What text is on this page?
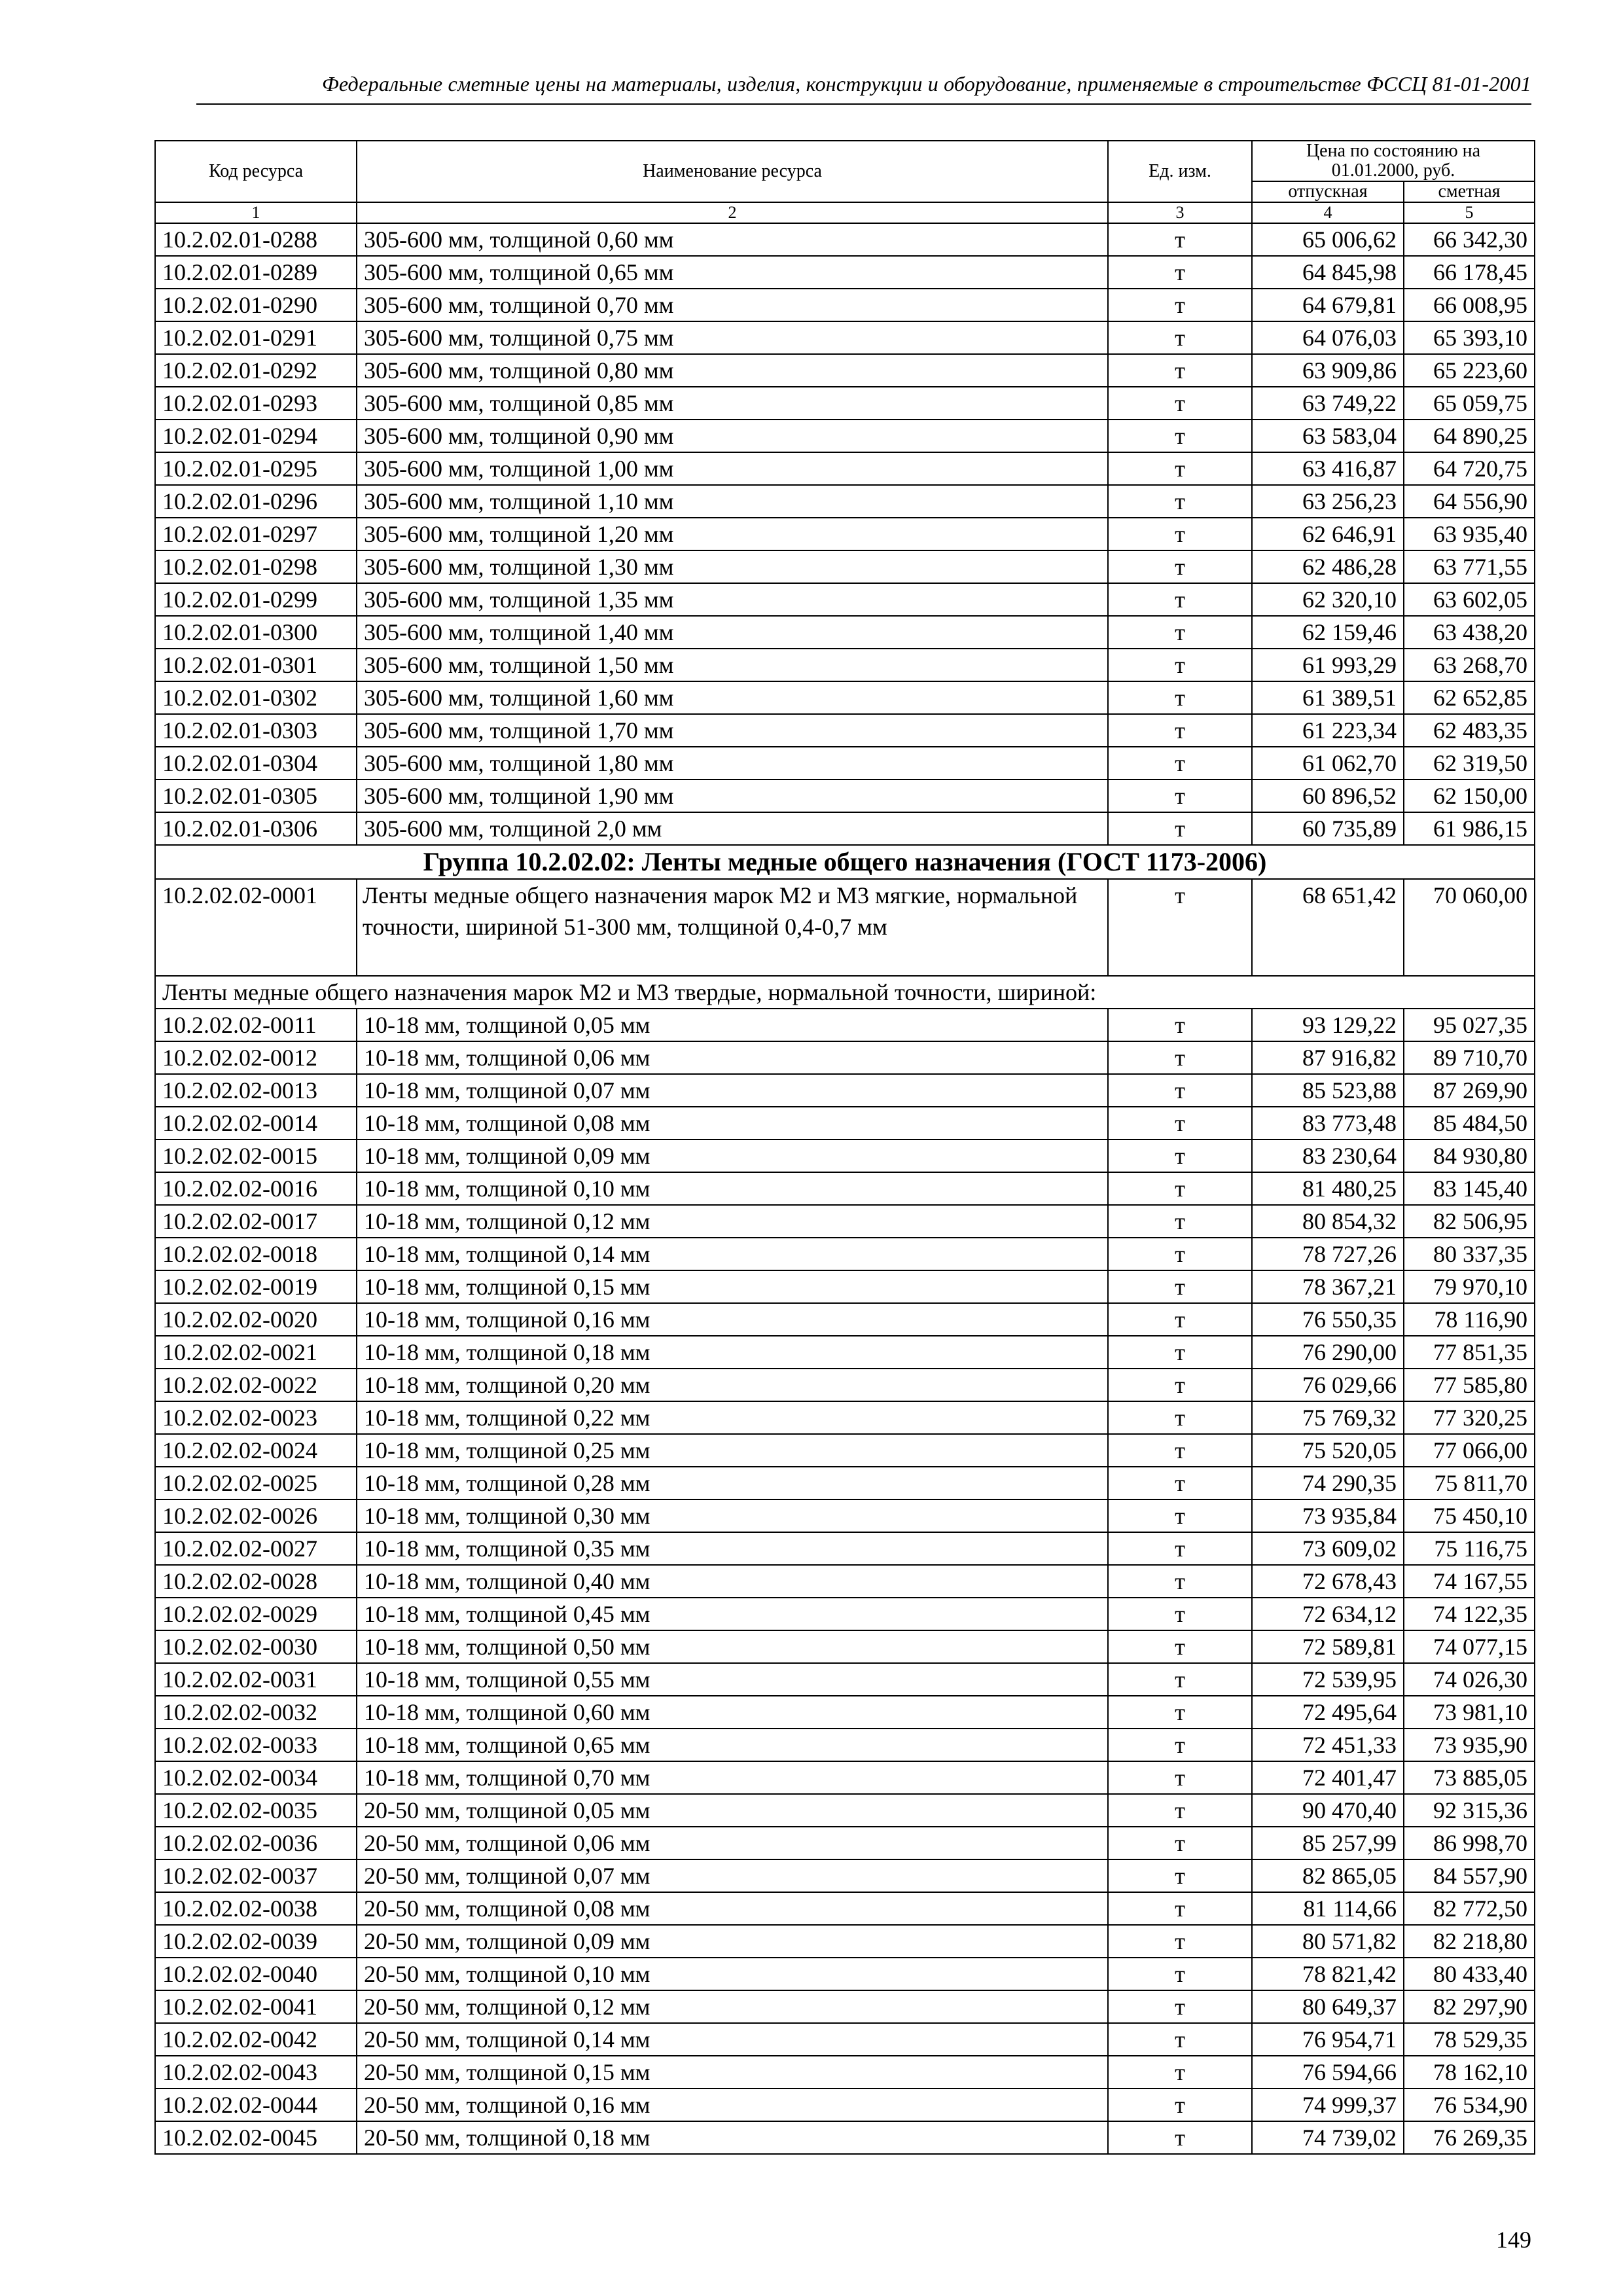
Федеральные сметные цены на материалы, изделия, конструкции и оборудование, применяемые в строительстве ФССЦ 81-01-2001
Код ресурса	Наименование ресурса	Ед. изм.	Цена по состоянию на 01.01.2000, руб.	
			отпускная	сметная
1	2	3	4	5
10.2.02.01-0288	305-600 мм, толщиной 0,60 мм	т	65 006,62	66 342,30
10.2.02.01-0289	305-600 мм, толщиной 0,65 мм	т	64 845,98	66 178,45
10.2.02.01-0290	305-600 мм, толщиной 0,70 мм	т	64 679,81	66 008,95
10.2.02.01-0291	305-600 мм, толщиной 0,75 мм	т	64 076,03	65 393,10
10.2.02.01-0292	305-600 мм, толщиной 0,80 мм	т	63 909,86	65 223,60
10.2.02.01-0293	305-600 мм, толщиной 0,85 мм	т	63 749,22	65 059,75
10.2.02.01-0294	305-600 мм, толщиной 0,90 мм	т	63 583,04	64 890,25
10.2.02.01-0295	305-600 мм, толщиной 1,00 мм	т	63 416,87	64 720,75
10.2.02.01-0296	305-600 мм, толщиной 1,10 мм	т	63 256,23	64 556,90
10.2.02.01-0297	305-600 мм, толщиной 1,20 мм	т	62 646,91	63 935,40
10.2.02.01-0298	305-600 мм, толщиной 1,30 мм	т	62 486,28	63 771,55
10.2.02.01-0299	305-600 мм, толщиной 1,35 мм	т	62 320,10	63 602,05
10.2.02.01-0300	305-600 мм, толщиной 1,40 мм	т	62 159,46	63 438,20
10.2.02.01-0301	305-600 мм, толщиной 1,50 мм	т	61 993,29	63 268,70
10.2.02.01-0302	305-600 мм, толщиной 1,60 мм	т	61 389,51	62 652,85
10.2.02.01-0303	305-600 мм, толщиной 1,70 мм	т	61 223,34	62 483,35
10.2.02.01-0304	305-600 мм, толщиной 1,80 мм	т	61 062,70	62 319,50
10.2.02.01-0305	305-600 мм, толщиной 1,90 мм	т	60 896,52	62 150,00
10.2.02.01-0306	305-600 мм, толщиной 2,0 мм	т	60 735,89	61 986,15
Группа 10.2.02.02: Ленты медные общего назначения (ГОСТ 1173-2006)				
10.2.02.02-0001	Ленты медные общего назначения марок М2 и М3 мягкие, нормальной точности, шириной 51-300 мм, толщиной 0,4-0,7 мм	т	68 651,42	70 060,00
Ленты медные общего назначения марок М2 и М3 твердые, нормальной точности, шириной:				
10.2.02.02-0011	10-18 мм, толщиной 0,05 мм	т	93 129,22	95 027,35
10.2.02.02-0012	10-18 мм, толщиной 0,06 мм	т	87 916,82	89 710,70
10.2.02.02-0013	10-18 мм, толщиной 0,07 мм	т	85 523,88	87 269,90
10.2.02.02-0014	10-18 мм, толщиной 0,08 мм	т	83 773,48	85 484,50
10.2.02.02-0015	10-18 мм, толщиной 0,09 мм	т	83 230,64	84 930,80
10.2.02.02-0016	10-18 мм, толщиной 0,10 мм	т	81 480,25	83 145,40
10.2.02.02-0017	10-18 мм, толщиной 0,12 мм	т	80 854,32	82 506,95
10.2.02.02-0018	10-18 мм, толщиной 0,14 мм	т	78 727,26	80 337,35
10.2.02.02-0019	10-18 мм, толщиной 0,15 мм	т	78 367,21	79 970,10
10.2.02.02-0020	10-18 мм, толщиной 0,16 мм	т	76 550,35	78 116,90
10.2.02.02-0021	10-18 мм, толщиной 0,18 мм	т	76 290,00	77 851,35
10.2.02.02-0022	10-18 мм, толщиной 0,20 мм	т	76 029,66	77 585,80
10.2.02.02-0023	10-18 мм, толщиной 0,22 мм	т	75 769,32	77 320,25
10.2.02.02-0024	10-18 мм, толщиной 0,25 мм	т	75 520,05	77 066,00
10.2.02.02-0025	10-18 мм, толщиной 0,28 мм	т	74 290,35	75 811,70
10.2.02.02-0026	10-18 мм, толщиной 0,30 мм	т	73 935,84	75 450,10
10.2.02.02-0027	10-18 мм, толщиной 0,35 мм	т	73 609,02	75 116,75
10.2.02.02-0028	10-18 мм, толщиной 0,40 мм	т	72 678,43	74 167,55
10.2.02.02-0029	10-18 мм, толщиной 0,45 мм	т	72 634,12	74 122,35
10.2.02.02-0030	10-18 мм, толщиной 0,50 мм	т	72 589,81	74 077,15
10.2.02.02-0031	10-18 мм, толщиной 0,55 мм	т	72 539,95	74 026,30
10.2.02.02-0032	10-18 мм, толщиной 0,60 мм	т	72 495,64	73 981,10
10.2.02.02-0033	10-18 мм, толщиной 0,65 мм	т	72 451,33	73 935,90
10.2.02.02-0034	10-18 мм, толщиной 0,70 мм	т	72 401,47	73 885,05
10.2.02.02-0035	20-50 мм, толщиной 0,05 мм	т	90 470,40	92 315,36
10.2.02.02-0036	20-50 мм, толщиной 0,06 мм	т	85 257,99	86 998,70
10.2.02.02-0037	20-50 мм, толщиной 0,07 мм	т	82 865,05	84 557,90
10.2.02.02-0038	20-50 мм, толщиной 0,08 мм	т	81 114,66	82 772,50
10.2.02.02-0039	20-50 мм, толщиной 0,09 мм	т	80 571,82	82 218,80
10.2.02.02-0040	20-50 мм, толщиной 0,10 мм	т	78 821,42	80 433,40
10.2.02.02-0041	20-50 мм, толщиной 0,12 мм	т	80 649,37	82 297,90
10.2.02.02-0042	20-50 мм, толщиной 0,14 мм	т	76 954,71	78 529,35
10.2.02.02-0043	20-50 мм, толщиной 0,15 мм	т	76 594,66	78 162,10
10.2.02.02-0044	20-50 мм, толщиной 0,16 мм	т	74 999,37	76 534,90
10.2.02.02-0045	20-50 мм, толщиной 0,18 мм	т	74 739,02	76 269,35
149
